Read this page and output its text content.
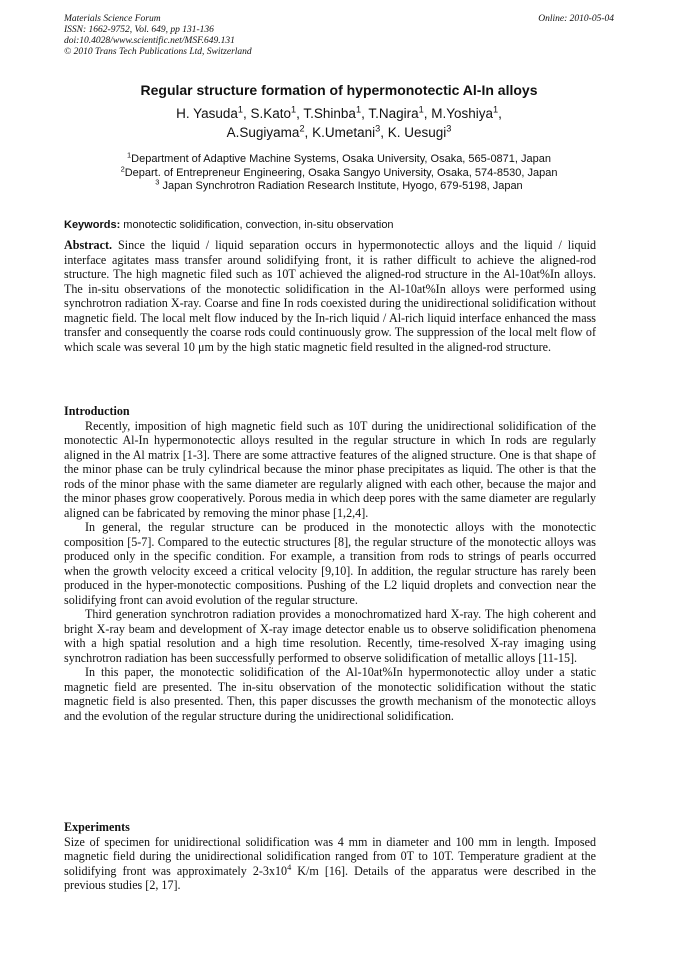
Materials Science Forum
ISSN: 1662-9752, Vol. 649, pp 131-136
doi:10.4028/www.scientific.net/MSF.649.131
© 2010 Trans Tech Publications Ltd, Switzerland
Online: 2010-05-04
Regular structure formation of hypermonotectic Al-In alloys
H. Yasuda$^1$, S.Kato$^1$, T.Shinba$^1$, T.Nagira$^1$, M.Yoshiya$^1$,
A.Sugiyama$^2$, K.Umetani$^3$, K. Uesugi$^3$
$^1$Department of Adaptive Machine Systems, Osaka University, Osaka, 565-0871, Japan
$^2$Depart. of Entrepreneur Engineering, Osaka Sangyo University, Osaka, 574-8530, Japan
$^3$ Japan Synchrotron Radiation Research Institute, Hyogo, 679-5198, Japan
Keywords: monotectic solidification, convection, in-situ observation

Abstract. Since the liquid / liquid separation occurs in hypermonotectic alloys and the liquid / liquid interface agitates mass transfer around solidifying front, it is rather difficult to achieve the aligned-rod structure. The high magnetic filed such as 10T achieved the aligned-rod structure in the Al-10at%In alloys. The in-situ observations of the monotectic solidification in the Al-10at%In alloys were performed using synchrotron radiation X-ray. Coarse and fine In rods coexisted during the unidirectional solidification without magnetic field. The local melt flow induced by the In-rich liquid / Al-rich liquid interface enhanced the mass transfer and consequently the coarse rods could continuously grow. The suppression of the local melt flow of which scale was several 10 μm by the high static magnetic field resulted in the aligned-rod structure.

Introduction

Recently, imposition of high magnetic field such as 10T during the unidirectional solidification of the monotectic Al-In hypermonotectic alloys resulted in the regular structure in which In rods are regularly aligned in the Al matrix [1-3]. There are some attractive features of the aligned structure. One is that shape of the minor phase can be truly cylindrical because the minor phase precipitates as liquid. The other is that the rods of the minor phase with the same diameter are regularly aligned with each other, because the major and the minor phases grow cooperatively. Porous media in which deep pores with the same diameter are regularly aligned can be fabricated by removing the minor phase [1,2,4].

In general, the regular structure can be produced in the monotectic alloys with the monotectic composition [5-7]. Compared to the eutectic structures [8], the regular structure of the monotectic alloys was produced only in the specific condition. For example, a transition from rods to strings of pearls occurred when the growth velocity exceed a critical velocity [9,10]. In addition, the regular structure has rarely been produced in the hyper-monotectic compositions. Pushing of the L2 liquid droplets and convection near the solidifying front can avoid evolution of the regular structure.

Third generation synchrotron radiation provides a monochromatized hard X-ray. The high coherent and bright X-ray beam and development of X-ray image detector enable us to observe solidification phenomena with a high spatial resolution and a high time resolution. Recently, time-resolved X-ray imaging using synchrotron radiation has been successfully performed to observe solidification of metallic alloys [11-15].

In this paper, the monotectic solidification of the Al-10at%In hypermonotectic alloy under a static magnetic field are presented. The in-situ observation of the monotectic solidification without the static magnetic field is also presented. Then, this paper discusses the growth mechanism of the monotectic alloys and the evolution of the regular structure during the unidirectional solidification.

Experiments

Size of specimen for unidirectional solidification was 4 mm in diameter and 100 mm in length. Imposed magnetic field during the unidirectional solidification ranged from 0T to 10T. Temperature gradient at the solidifying front was approximately $2-3x10^4$ K/m [16]. Details of the apparatus were described in the previous studies [2, 17].
